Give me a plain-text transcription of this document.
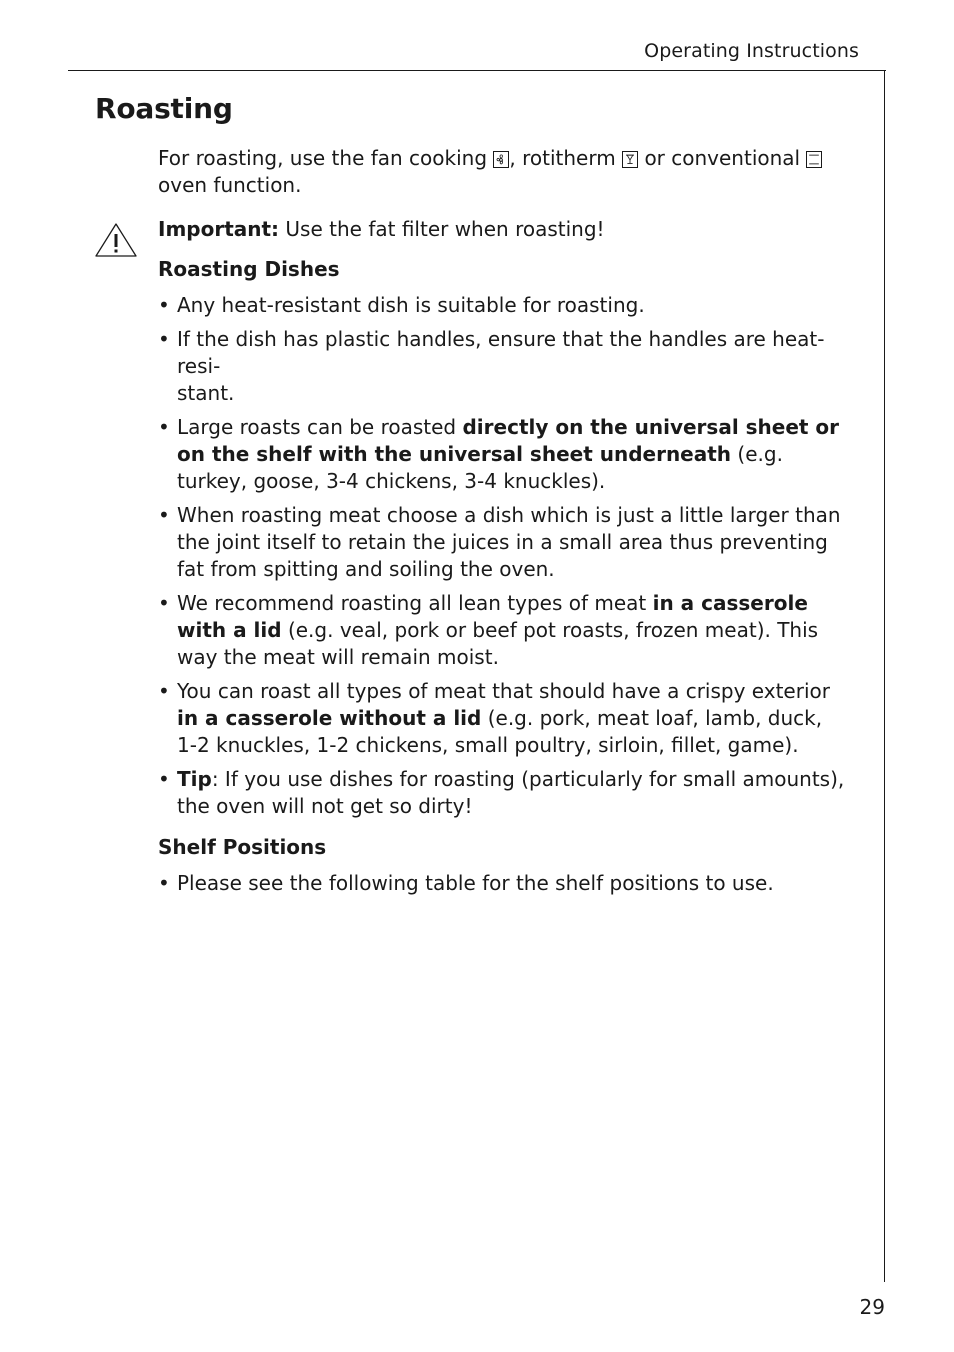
Operating Instructions
Roasting

For roasting, use the fan cooking , rotitherm or conventional

oven function.

Important: Use the fat filter when roasting!

Roasting Dishes

• Any heat-resistant dish is suitable for roasting.
• If the dish has plastic handles, ensure that the handles are heat-resi-
stant.
• Large roasts can be roasted directly on the universal sheet or on the shelf with the universal sheet underneath (e.g. turkey, goose, 3-4 chickens, 3-4 knuckles).
• When roasting meat choose a dish which is just a little larger than the joint itself to retain the juices in a small area thus preventing fat from spitting and soiling the oven.
• We recommend roasting all lean types of meat in a casserole with a lid (e.g. veal, pork or beef pot roasts, frozen meat). This way the meat will remain moist.
• You can roast all types of meat that should have a crispy exterior in a casserole without a lid (e.g. pork, meat loaf, lamb, duck,
1-2 knuckles, 1-2 chickens, small poultry, sirloin, fillet, game).
• Tip: If you use dishes for roasting (particularly for small amounts), the oven will not get so dirty!

Shelf Positions

• Please see the following table for the shelf positions to use.
29
